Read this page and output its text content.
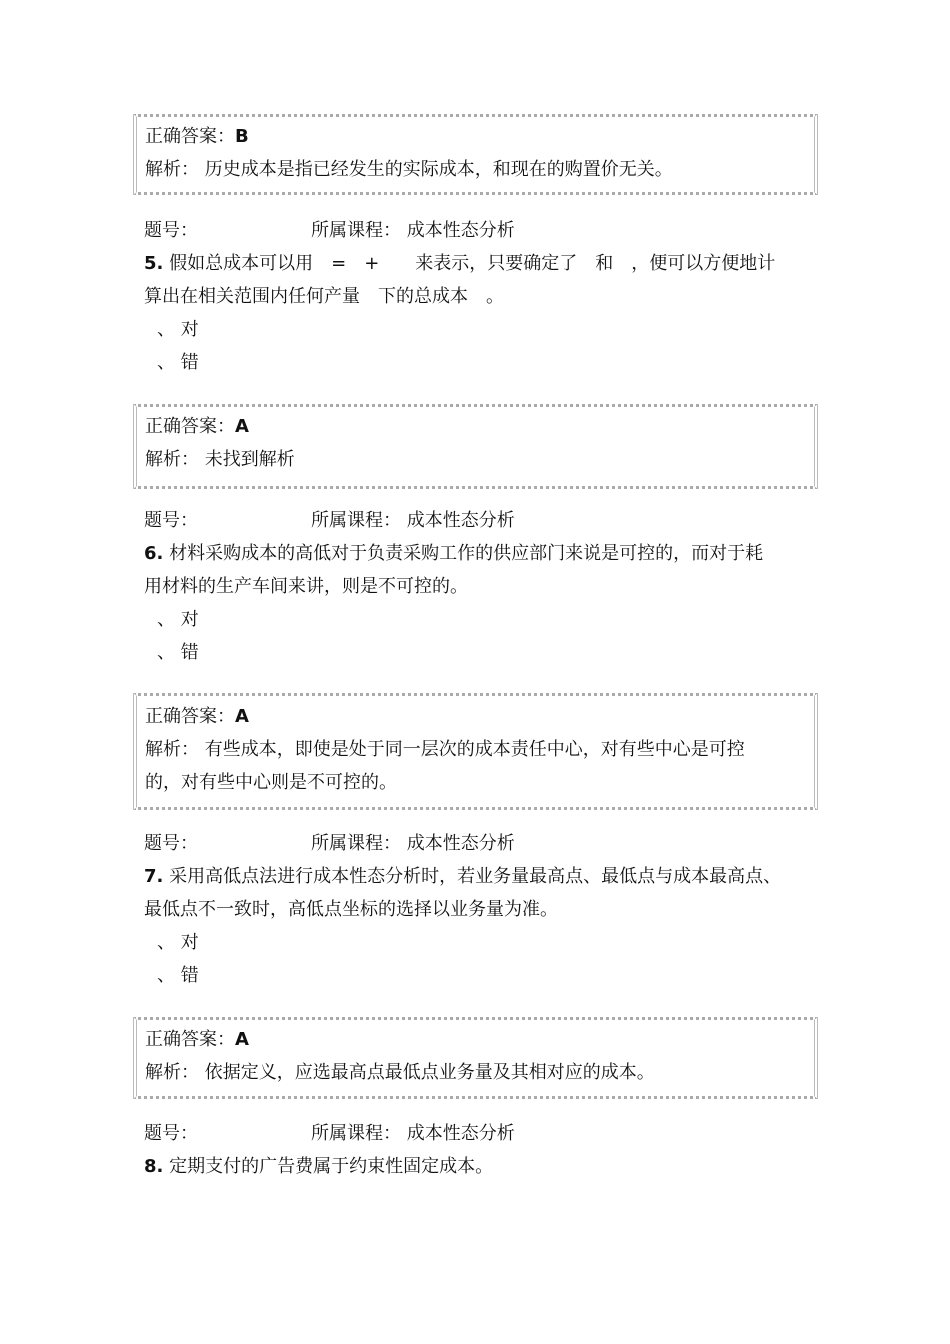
正确答案：B
解析： 历史成本是指已经发生的实际成本，和现在的购置价无关。
题号：	所属课程： 成本性态分析
5. 假如总成本可以用　=　+　　来表示，只要确定了　和　，便可以方便地计
算出在相关范围内任何产量　下的总成本　。
、 对
、 错
正确答案：A
解析： 未找到解析
题号：	所属课程： 成本性态分析
6. 材料采购成本的高低对于负责采购工作的供应部门来说是可控的，而对于耗
用材料的生产车间来讲，则是不可控的。
、 对
、 错
正确答案：A
解析： 有些成本，即使是处于同一层次的成本责任中心，对有些中心是可控
的，对有些中心则是不可控的。
题号：	所属课程： 成本性态分析
7. 采用高低点法进行成本性态分析时，若业务量最高点、最低点与成本最高点、
最低点不一致时，高低点坐标的选择以业务量为准。
、 对
、 错
正确答案：A
解析： 依据定义，应选最高点最低点业务量及其相对应的成本。
题号：	所属课程： 成本性态分析
8. 定期支付的广告费属于约束性固定成本。
